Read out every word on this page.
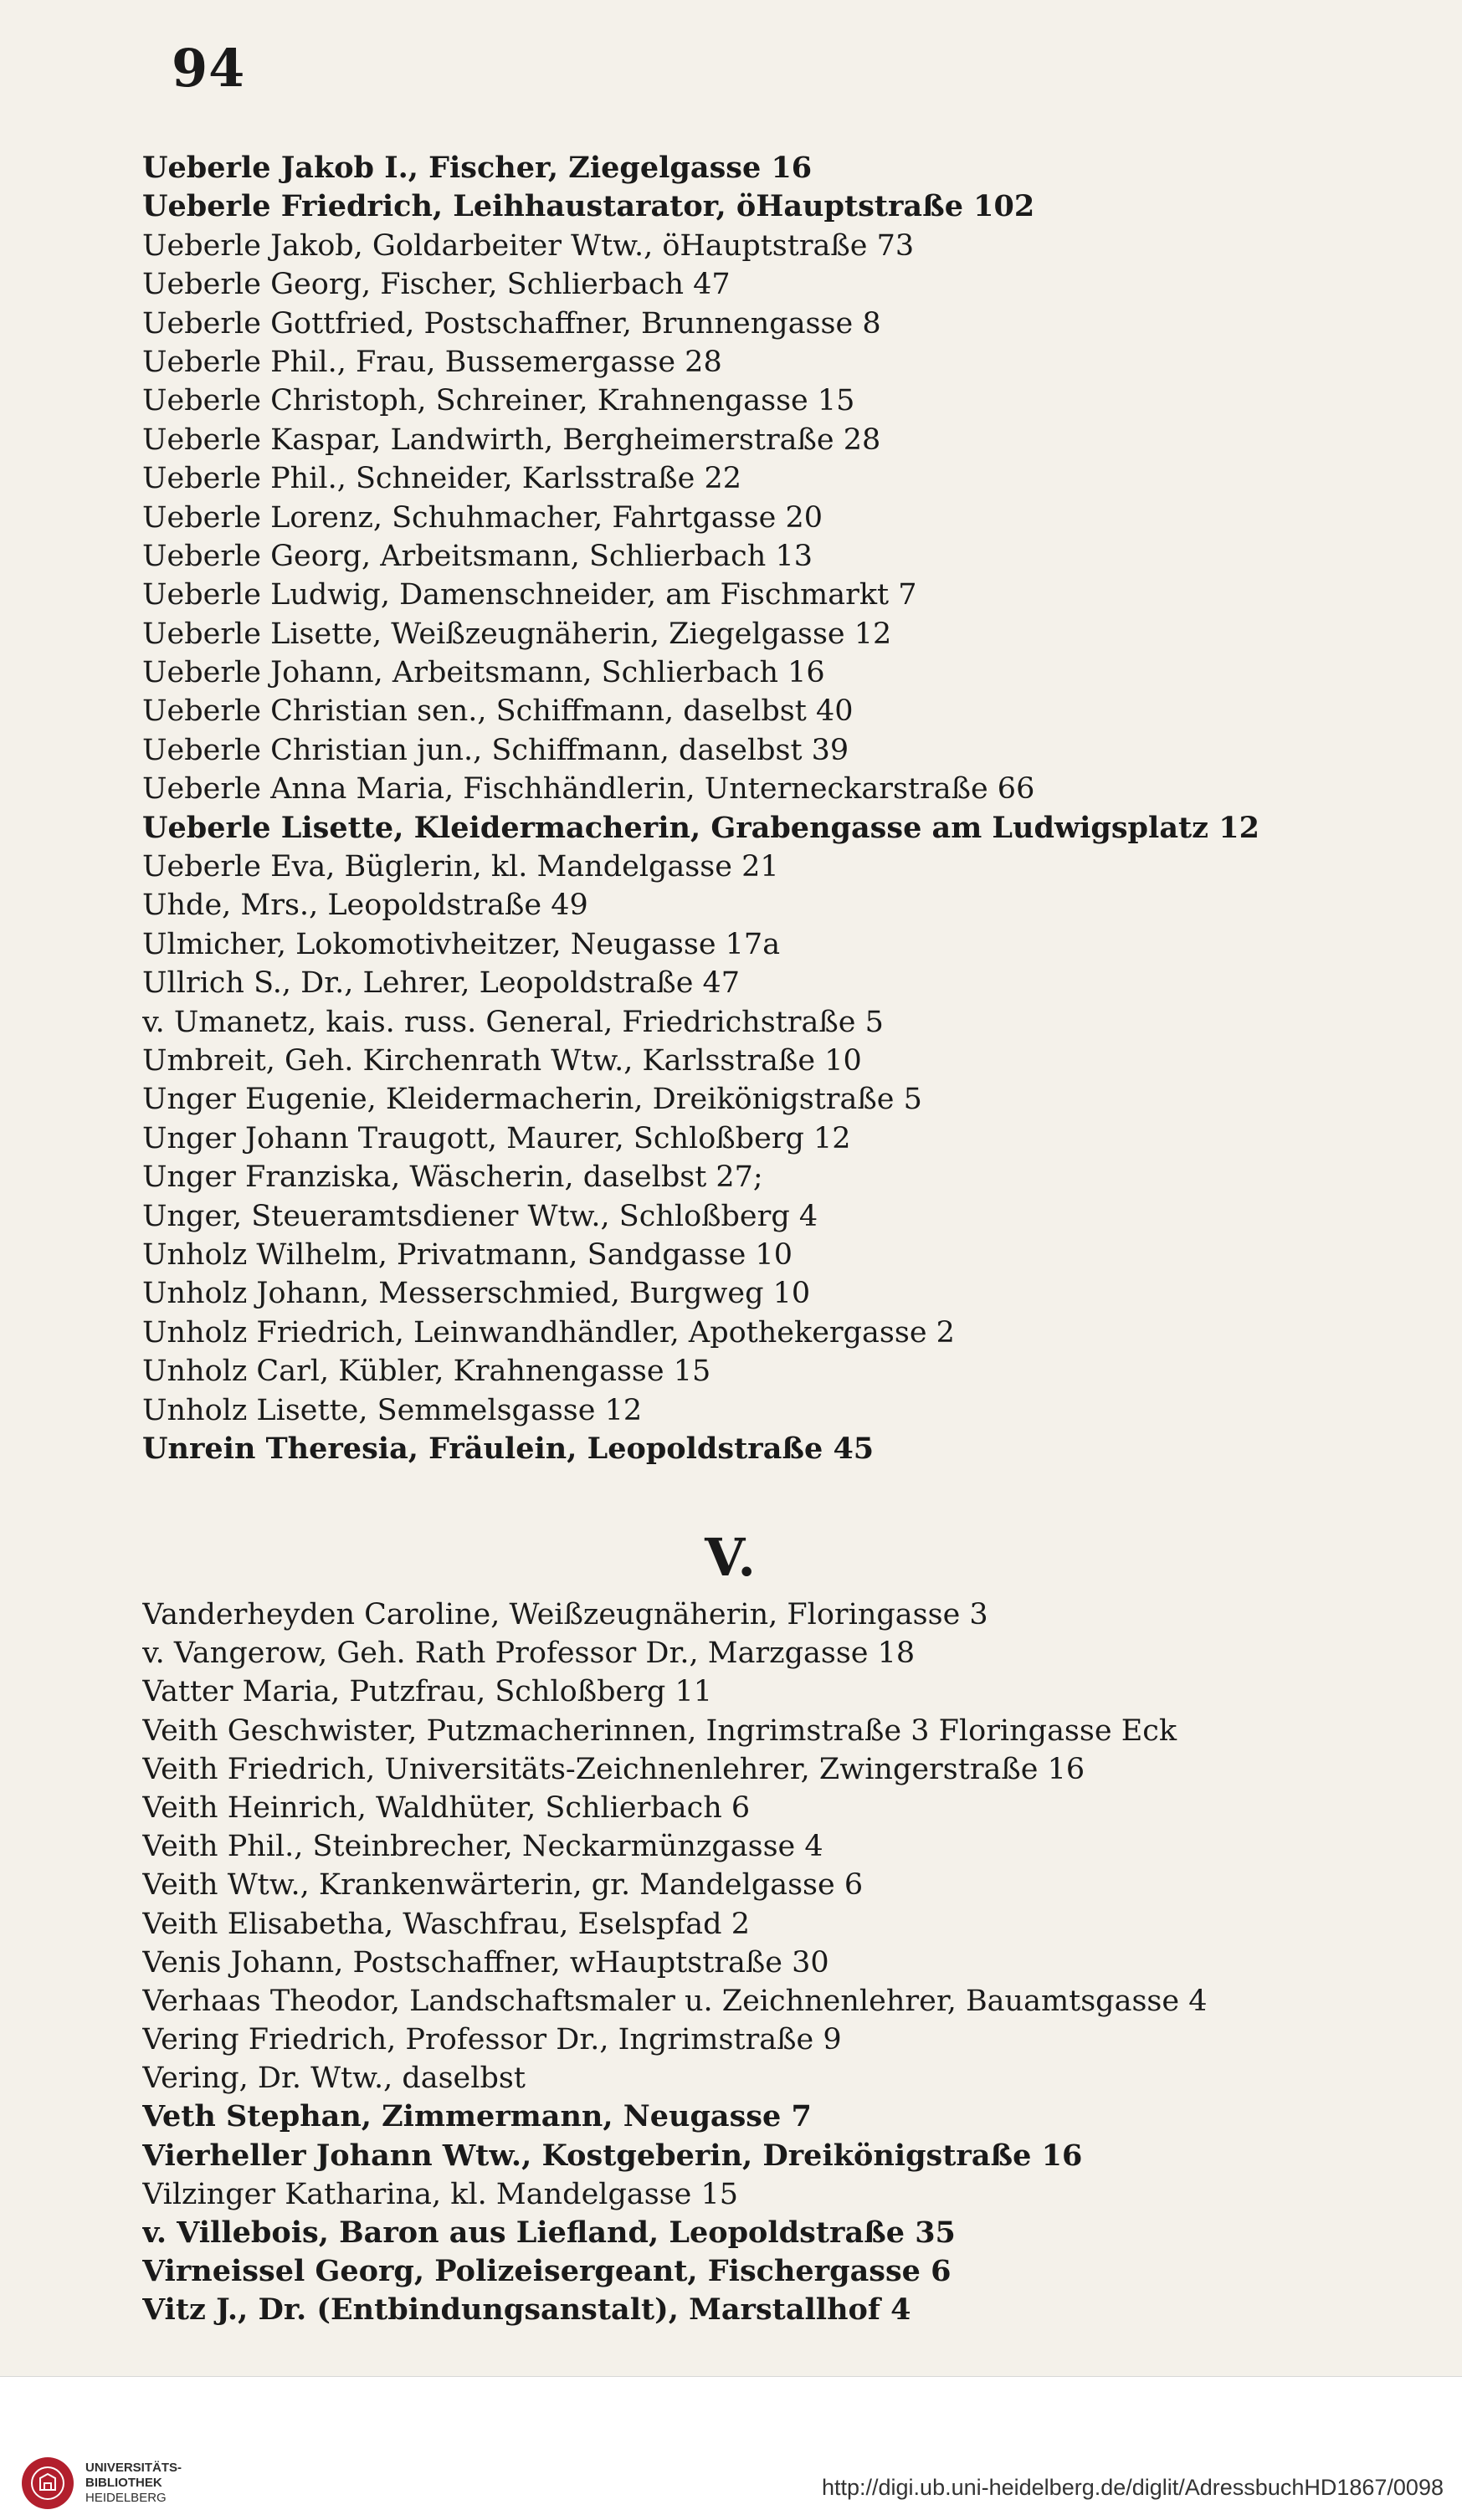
94
Ueberle Jakob I., Fischer, Ziegelgasse 16
Ueberle Friedrich, Leihhaustarator, öHauptstraße 102
Ueberle Jakob, Goldarbeiter Wtw., öHauptstraße 73
Ueberle Georg, Fischer, Schlierbach 47
Ueberle Gottfried, Postschaffner, Brunnengasse 8
Ueberle Phil., Frau, Bussemergasse 28
Ueberle Christoph, Schreiner, Krahnengasse 15
Ueberle Kaspar, Landwirth, Bergheimerstraße 28
Ueberle Phil., Schneider, Karlsstraße 22
Ueberle Lorenz, Schuhmacher, Fahrtgasse 20
Ueberle Georg, Arbeitsmann, Schlierbach 13
Ueberle Ludwig, Damenschneider, am Fischmarkt 7
Ueberle Lisette, Weißzeugnäherin, Ziegelgasse 12
Ueberle Johann, Arbeitsmann, Schlierbach 16
Ueberle Christian sen., Schiffmann, daselbst 40
Ueberle Christian jun., Schiffmann, daselbst 39
Ueberle Anna Maria, Fischhändlerin, Unterneckarstraße 66
Ueberle Lisette, Kleidermacherin, Grabengasse am Ludwigsplatz 12
Ueberle Eva, Büglerin, kl. Mandelgasse 21
Uhde, Mrs., Leopoldstraße 49
Ulmicher, Lokomotivheitzer, Neugasse 17a
Ullrich S., Dr., Lehrer, Leopoldstraße 47
v. Umanetz, kais. russ. General, Friedrichstraße 5
Umbreit, Geh. Kirchenrath Wtw., Karlsstraße 10
Unger Eugenie, Kleidermacherin, Dreikönigstraße 5
Unger Johann Traugott, Maurer, Schloßberg 12
Unger Franziska, Wäscherin, daselbst 27;
Unger, Steueramtsdiener Wtw., Schloßberg 4
Unholz Wilhelm, Privatmann, Sandgasse 10
Unholz Johann, Messerschmied, Burgweg 10
Unholz Friedrich, Leinwandhändler, Apothekergasse 2
Unholz Carl, Kübler, Krahnengasse 15
Unholz Lisette, Semmelsgasse 12
Unrein Theresia, Fräulein, Leopoldstraße 45
V.
Vanderheyden Caroline, Weißzeugnäherin, Floringasse 3
v. Vangerow, Geh. Rath Professor Dr., Marzgasse 18
Vatter Maria, Putzfrau, Schloßberg 11
Veith Geschwister, Putzmacherinnen, Ingrimstraße 3 Floringasse Eck
Veith Friedrich, Universitäts-Zeichnenlehrer, Zwingerstraße 16
Veith Heinrich, Waldhüter, Schlierbach 6
Veith Phil., Steinbrecher, Neckarmünzgasse 4
Veith Wtw., Krankenwärterin, gr. Mandelgasse 6
Veith Elisabetha, Waschfrau, Eselspfad 2
Venis Johann, Postschaffner, wHauptstraße 30
Verhaas Theodor, Landschaftsmaler u. Zeichnenlehrer, Bauamtsgasse 4
Vering Friedrich, Professor Dr., Ingrimstraße 9
Vering, Dr. Wtw., daselbst
Veth Stephan, Zimmermann, Neugasse 7
Vierheller Johann Wtw., Kostgeberin, Dreikönigstraße 16
Vilzinger Katharina, kl. Mandelgasse 15
v. Villebois, Baron aus Liefland, Leopoldstraße 35
Virneissel Georg, Polizeisergeant, Fischergasse 6
Vitz J., Dr. (Entbindungsanstalt), Marstallhof 4
UNIVERSITÄTS-
BIBLIOTHEK
HEIDELBERG	http://digi.ub.uni-heidelberg.de/diglit/AdressbuchHD1867/0098
